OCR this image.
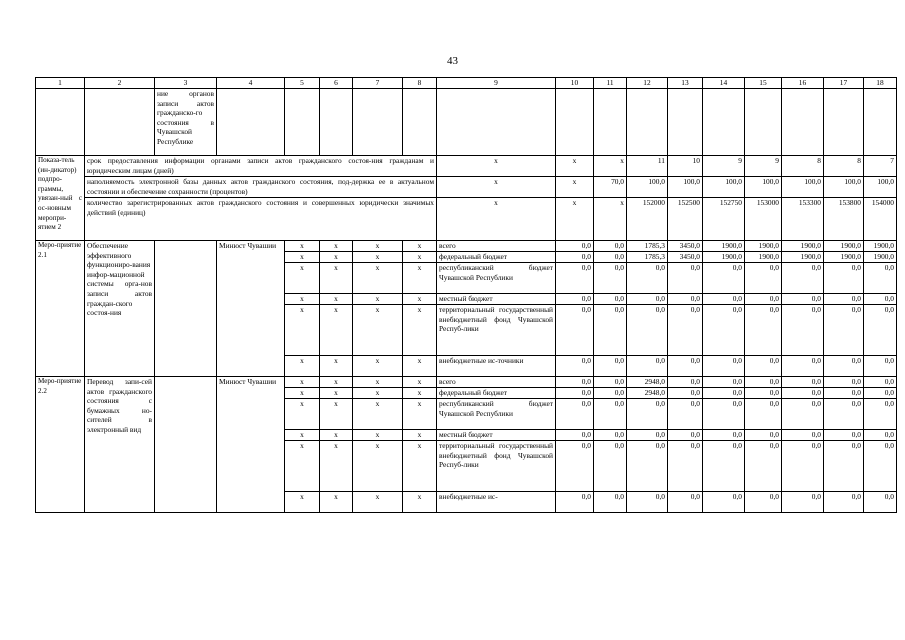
43
1	2	3	4	5	6	7	8	9	10	11	12	13	14	15	16	17	18
		ние органов записи актов гражданско-го состояния в Чувашской Республике															
Показа-тель (ин-дикатор) подпро-граммы, увязан-ный с ос-новным меропри-ятием 2	срок предоставления информации органами записи актов гражданского состоя-ния гражданам и юридическим лицам (дней)							x	x	x	11	10	9	9	8	8	7
	наполняемость электронной базы данных актов гражданского состояния, под-держка ее в актуальном состоянии и обеспечение сохранности (процентов)							x	x	70,0	100,0	100,0	100,0	100,0	100,0	100,0	100,0
	количество зарегистрированных актов гражданского состояния и совершенных юридически значимых действий (единиц)							x	x	x	152000	152500	152750	153000	153300	153800	154000
Меро-приятие 2.1	Обеспечение эффективного функциониро-вания инфор-мационной системы орга-нов записи актов граждан-ского состоя-ния		Минюст Чувашии	x	x	x	x	всего	0,0	0,0	1785,3	3450,0	1900,0	1900,0	1900,0	1900,0	1900,0
				x	x	x	x	федеральный бюджет	0,0	0,0	1785,3	3450,0	1900,0	1900,0	1900,0	1900,0	1900,0
				x	x	x	x	республиканский бюджет Чувашской Республики	0,0	0,0	0,0	0,0	0,0	0,0	0,0	0,0	0,0
				x	x	x	x	местный бюджет	0,0	0,0	0,0	0,0	0,0	0,0	0,0	0,0	0,0
				x	x	x	x	территориальный государственный внебюджетный фонд Чувашской Респуб-лики	0,0	0,0	0,0	0,0	0,0	0,0	0,0	0,0	0,0
				x	x	x	x	внебюджетные ис-точники	0,0	0,0	0,0	0,0	0,0	0,0	0,0	0,0	0,0
Меро-приятие 2.2	Перевод запи-сей актов гражданского состояния с бумажных но-сителей в электронный вид		Минюст Чувашии	x	x	x	x	всего	0,0	0,0	2948,0	0,0	0,0	0,0	0,0	0,0	0,0
				x	x	x	x	федеральный бюджет	0,0	0,0	2948,0	0,0	0,0	0,0	0,0	0,0	0,0
				x	x	x	x	республиканский бюджет Чувашской Республики	0,0	0,0	0,0	0,0	0,0	0,0	0,0	0,0	0,0
				x	x	x	x	местный бюджет	0,0	0,0	0,0	0,0	0,0	0,0	0,0	0,0	0,0
				x	x	x	x	территориальный государственный внебюджетный фонд Чувашской Респуб-лики	0,0	0,0	0,0	0,0	0,0	0,0	0,0	0,0	0,0
				x	x	x	x	внебюджетные ис-	0,0	0,0	0,0	0,0	0,0	0,0	0,0	0,0	0,0
